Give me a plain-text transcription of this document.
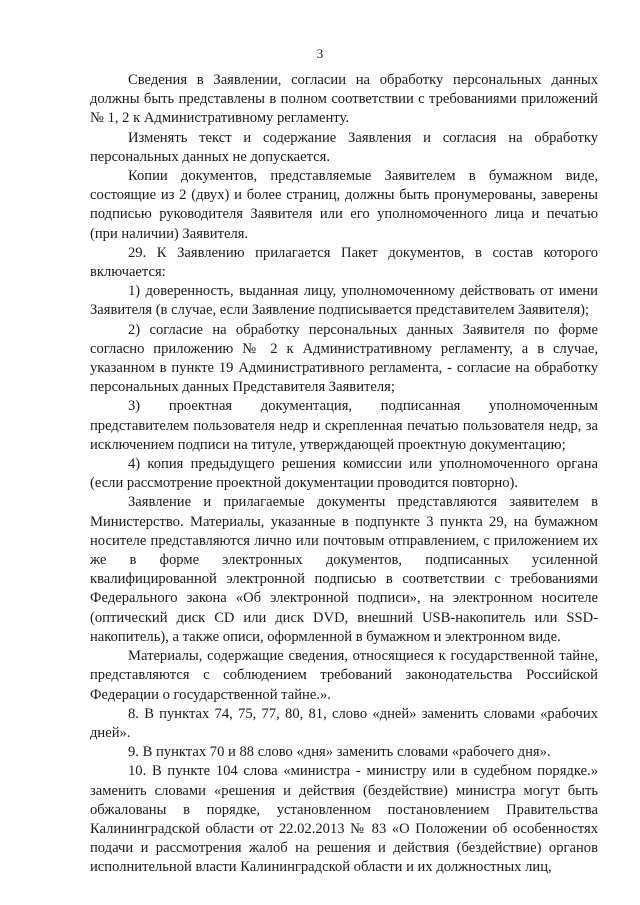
3

Сведения в Заявлении, согласии на обработку персональных данных должны быть представлены в полном соответствии с требованиями приложений № 1, 2 к Административному регламенту.

Изменять текст и содержание Заявления и согласия на обработку персональных данных не допускается.

Копии документов, представляемые Заявителем в бумажном виде, состоящие из 2 (двух) и более страниц, должны быть пронумерованы, заверены подписью руководителя Заявителя или его уполномоченного лица и печатью (при наличии) Заявителя.

29. К Заявлению прилагается Пакет документов, в состав которого включается:

1) доверенность, выданная лицу, уполномоченному действовать от имени Заявителя (в случае, если Заявление подписывается представителем Заявителя);

2) согласие на обработку персональных данных Заявителя по форме согласно приложению № 2 к Административному регламенту, а в случае, указанном в пункте 19 Административного регламента, - согласие на обработку персональных данных Представителя Заявителя;

3) проектная документация, подписанная уполномоченным представителем пользователя недр и скрепленная печатью пользователя недр, за исключением подписи на титуле, утверждающей проектную документацию;

4) копия предыдущего решения комиссии или уполномоченного органа (если рассмотрение проектной документации проводится повторно).

Заявление и прилагаемые документы представляются заявителем в Министерство. Материалы, указанные в подпункте 3 пункта 29, на бумажном носителе представляются лично или почтовым отправлением, с приложением их же в форме электронных документов, подписанных усиленной квалифицированной электронной подписью в соответствии с требованиями Федерального закона «Об электронной подписи», на электронном носителе (оптический диск CD или диск DVD, внешний USB-накопитель или SSD-накопитель), а также описи, оформленной в бумажном и электронном виде.

Материалы, содержащие сведения, относящиеся к государственной тайне, представляются с соблюдением требований законодательства Российской Федерации о государственной тайне.».

8. В пунктах 74, 75, 77, 80, 81, слово «дней» заменить словами «рабочих дней».

9. В пунктах 70 и 88 слово «дня» заменить словами «рабочего дня».

10. В пункте 104 слова «министра - министру или в судебном порядке.» заменить словами «решения и действия (бездействие) министра могут быть обжалованы в порядке, установленном постановлением Правительства Калининградской области от 22.02.2013 № 83 «О Положении об особенностях подачи и рассмотрения жалоб на решения и действия (бездействие) органов исполнительной власти Калининградской области и их должностных лиц,
